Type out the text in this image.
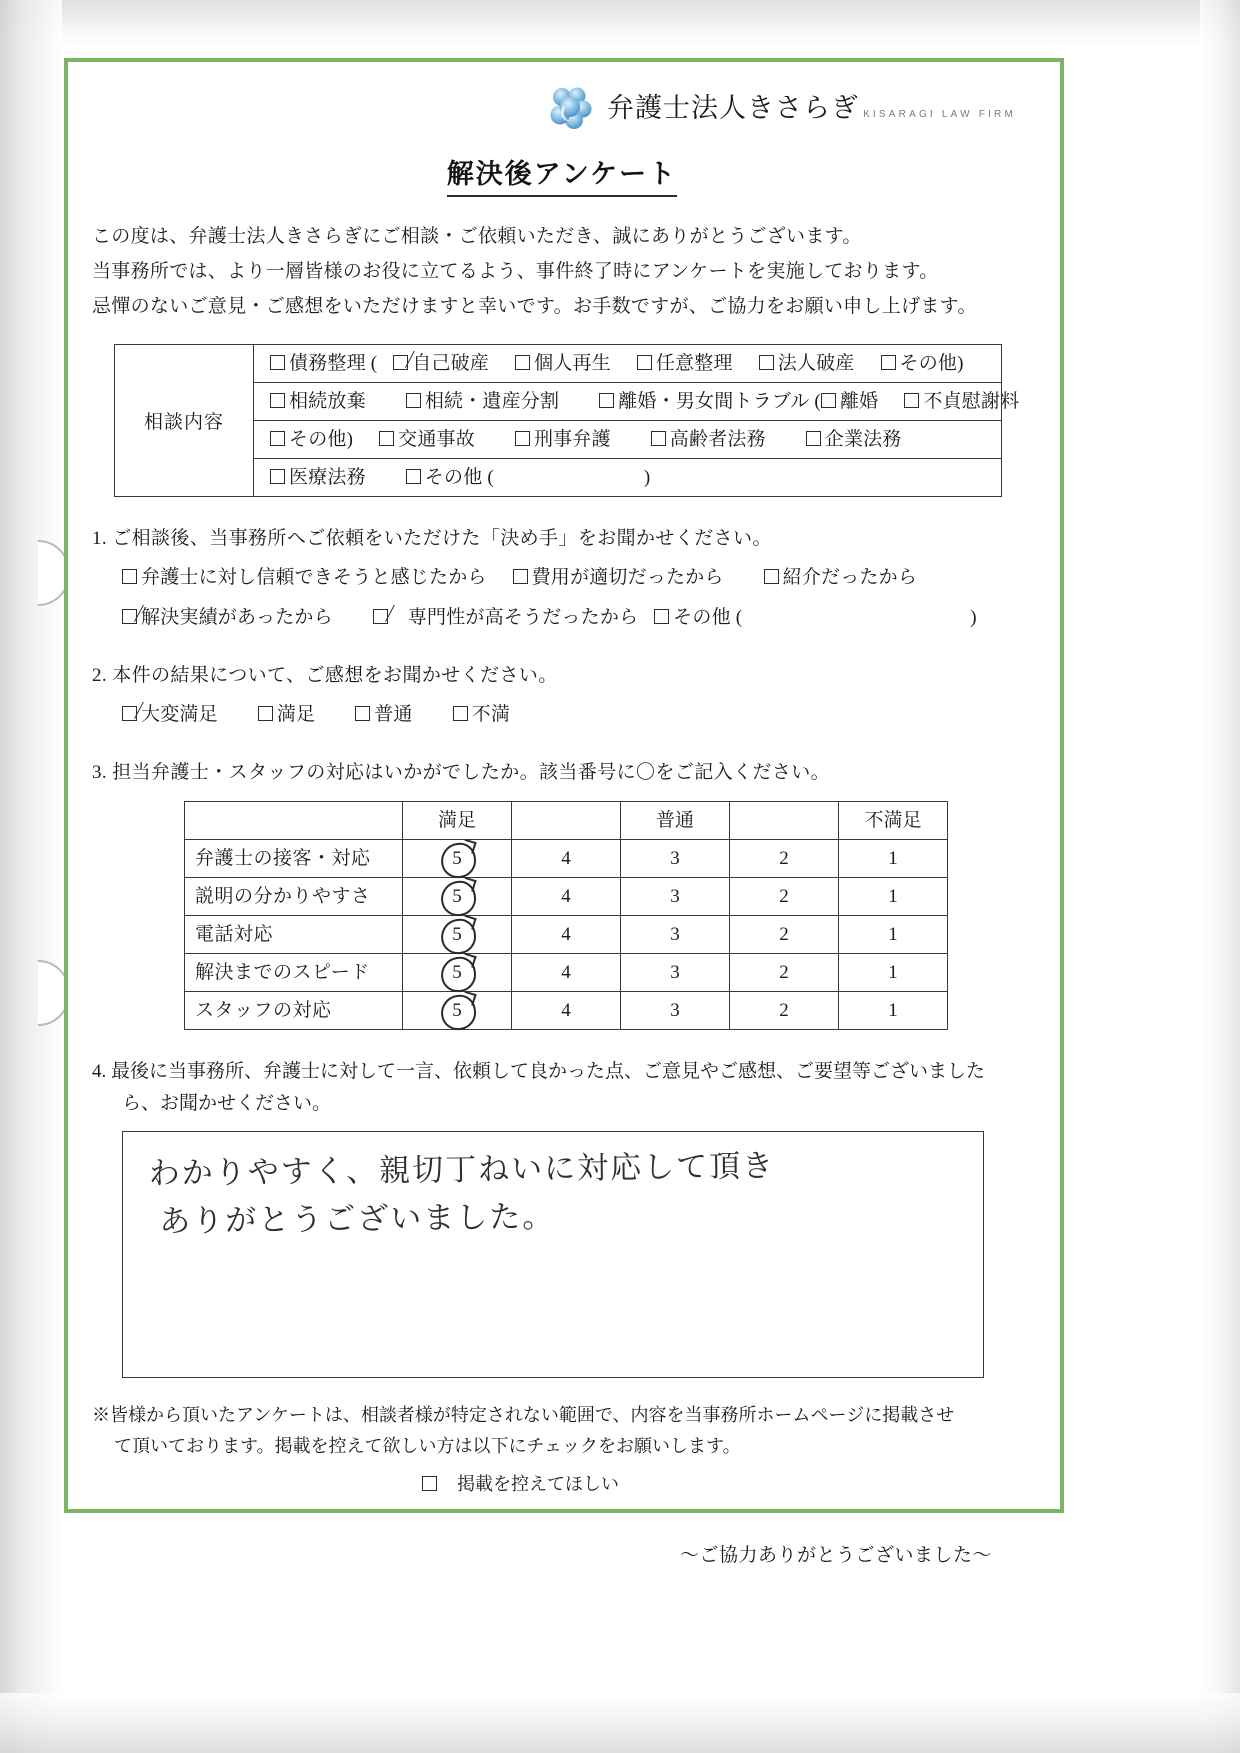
弁護士法人きさらぎ KISARAGI LAW FIRM
解決後アンケート
この度は、弁護士法人きさらぎにご相談・ご依頼いただき、誠にありがとうございます。
当事務所では、より一層皆様のお役に立てるよう、事件終了時にアンケートを実施しております。
忌憚のないご意見・ご感想をいただけますと幸いです。お手数ですが、ご協力をお願い申し上げます。
相談内容	
債務整理 ( 自己破産 個人再生 任意整理 法人破産 その他)

相続放棄	相続・遺産分割	離婚・男女間トラブル ( 離婚 不貞慰謝料

その他) 交通事故	刑事弁護	高齢者法務	企業法務

医療法務	その他 (	)
1. ご相談後、当事務所へご依頼をいただけた「決め手」をお聞かせください。
弁護士に対し信頼できそうと感じたから 費用が適切だったから	紹介だったから
解決実績があったから	専門性が高そうだったから その他 (	)
2. 本件の結果について、ご感想をお聞かせください。
大変満足	満足	普通	不満
3. 担当弁護士・スタッフの対応はいかがでしたか。該当番号に〇をご記入ください。
	満足		普通		不満足
弁護士の接客・対応	5	4	3	2	1
説明の分かりやすさ	5	4	3	2	1
電話対応	5	4	3	2	1
解決までのスピード	5	4	3	2	1
スタッフの対応	5	4	3	2	1
4. 最後に当事務所、弁護士に対して一言、依頼して良かった点、ご意見やご感想、ご要望等ございました
ら、お聞かせください。
わかりやすく、親切丁ねいに対応して頂き
ありがとうございました。
※皆様から頂いたアンケートは、相談者様が特定されない範囲で、内容を当事務所ホームページに掲載させ
て頂いております。掲載を控えて欲しい方は以下にチェックをお願いします。
掲載を控えてほしい
～ご協力ありがとうございました～
